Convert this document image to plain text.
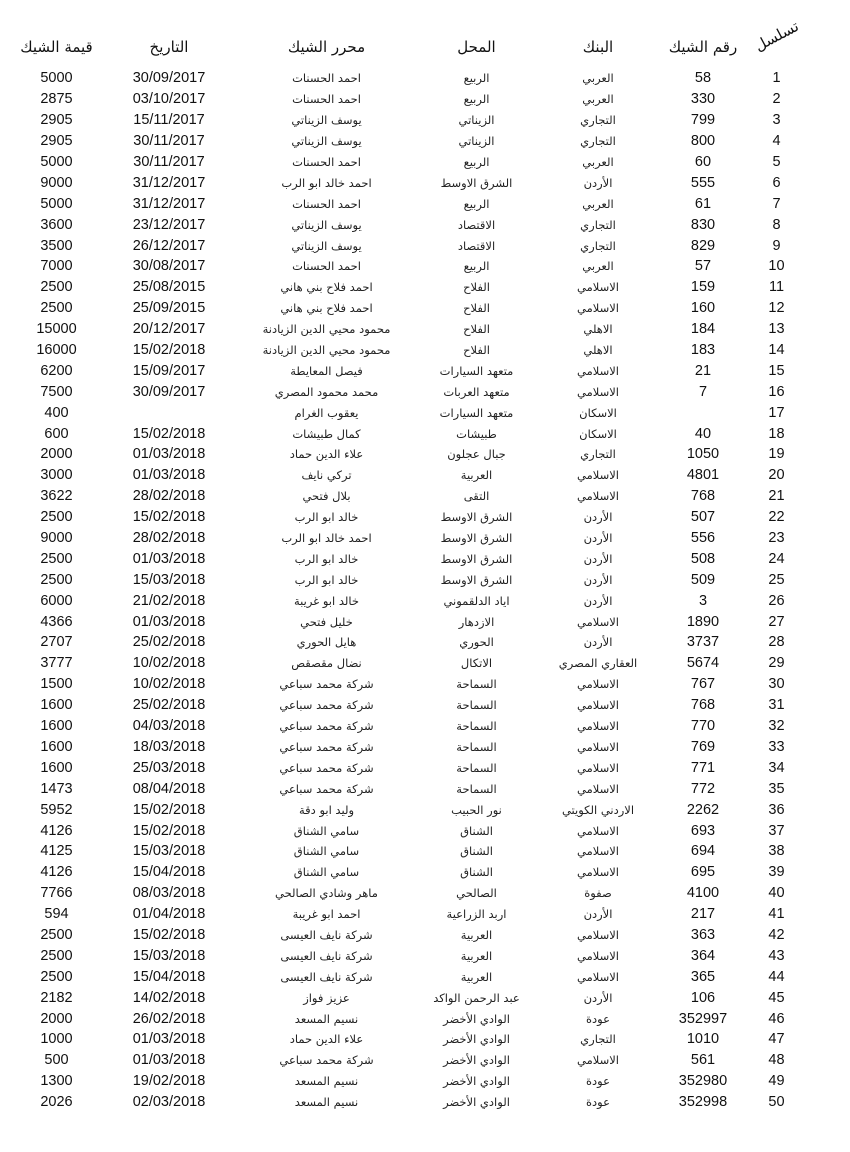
قيمة الشيك	التاريخ	محرر الشيك	المحل	البنك	رقم الشيك	تسلسل
5000	30/09/2017	احمد الحسنات	الربيع	العربي	58	1
2875	03/10/2017	احمد الحسنات	الربيع	العربي	330	2
2905	15/11/2017	يوسف الزيناتي	الزيناتي	التجاري	799	3
2905	30/11/2017	يوسف الزيناتي	الزيناتي	التجاري	800	4
5000	30/11/2017	احمد الحسنات	الربيع	العربي	60	5
9000	31/12/2017	احمد خالد ابو الرب	الشرق الاوسط	الأردن	555	6
5000	31/12/2017	احمد الحسنات	الربيع	العربي	61	7
3600	23/12/2017	يوسف الزيناتي	الاقتصاد	التجاري	830	8
3500	26/12/2017	يوسف الزيناتي	الاقتصاد	التجاري	829	9
7000	30/08/2017	احمد الحسنات	الربيع	العربي	57	10
2500	25/08/2015	احمد فلاح بني هاني	الفلاح	الاسلامي	159	11
2500	25/09/2015	احمد فلاح بني هاني	الفلاح	الاسلامي	160	12
15000	20/12/2017	محمود محيي الدين الزيادنة	الفلاح	الاهلي	184	13
16000	15/02/2018	محمود محيي الدين الزيادنة	الفلاح	الاهلي	183	14
6200	15/09/2017	فيصل المعايطة	متعهد السيارات	الاسلامي	21	15
7500	30/09/2017	محمد محمود المصري	متعهد العربات	الاسلامي	7	16
400		يعقوب الغرام	متعهد السيارات	الاسكان		17
600	15/02/2018	كمال طبيشات	طبيشات	الاسكان	40	18
2000	01/03/2018	علاء الدين حماد	جبال عجلون	التجاري	1050	19
3000	01/03/2018	تركي نايف	العربية	الاسلامي	4801	20
3622	28/02/2018	بلال فتحي	التقى	الاسلامي	768	21
2500	15/02/2018	خالد ابو الرب	الشرق الاوسط	الأردن	507	22
9000	28/02/2018	احمد خالد ابو الرب	الشرق الاوسط	الأردن	556	23
2500	01/03/2018	خالد ابو الرب	الشرق الاوسط	الأردن	508	24
2500	15/03/2018	خالد ابو الرب	الشرق الاوسط	الأردن	509	25
6000	21/02/2018	خالد ابو غريبة	اياد الدلقموني	الأردن	3	26
4366	01/03/2018	خليل فتحي	الازدهار	الاسلامي	1890	27
2707	25/02/2018	هايل الحوري	الحوري	الأردن	3737	28
3777	10/02/2018	نضال مقصقص	الاتكال	العقاري المصري	5674	29
1500	10/02/2018	شركة محمد سباعي	السماحة	الاسلامي	767	30
1600	25/02/2018	شركة محمد سباعي	السماحة	الاسلامي	768	31
1600	04/03/2018	شركة محمد سباعي	السماحة	الاسلامي	770	32
1600	18/03/2018	شركة محمد سباعي	السماحة	الاسلامي	769	33
1600	25/03/2018	شركة محمد سباعي	السماحة	الاسلامي	771	34
1473	08/04/2018	شركة محمد سباعي	السماحة	الاسلامي	772	35
5952	15/02/2018	وليد ابو دقة	نور الحبيب	الاردني الكويتي	2262	36
4126	15/02/2018	سامي الشناق	الشناق	الاسلامي	693	37
4125	15/03/2018	سامي الشناق	الشناق	الاسلامي	694	38
4126	15/04/2018	سامي الشناق	الشناق	الاسلامي	695	39
7766	08/03/2018	ماهر وشادي الصالحي	الصالحي	صفوة	4100	40
594	01/04/2018	احمد ابو غريبة	اربد الزراعية	الأردن	217	41
2500	15/02/2018	شركة نايف العيسى	العربية	الاسلامي	363	42
2500	15/03/2018	شركة نايف العيسى	العربية	الاسلامي	364	43
2500	15/04/2018	شركة نايف العيسى	العربية	الاسلامي	365	44
2182	14/02/2018	عزيز فواز	عبد الرحمن الواكد	الأردن	106	45
2000	26/02/2018	نسيم المسعد	الوادي الأخضر	عودة	352997	46
1000	01/03/2018	علاء الدين حماد	الوادي الأخضر	التجاري	1010	47
500	01/03/2018	شركة محمد سباعي	الوادي الأخضر	الاسلامي	561	48
1300	19/02/2018	نسيم المسعد	الوادي الأخضر	عودة	352980	49
2026	02/03/2018	نسيم المسعد	الوادي الأخضر	عودة	352998	50
